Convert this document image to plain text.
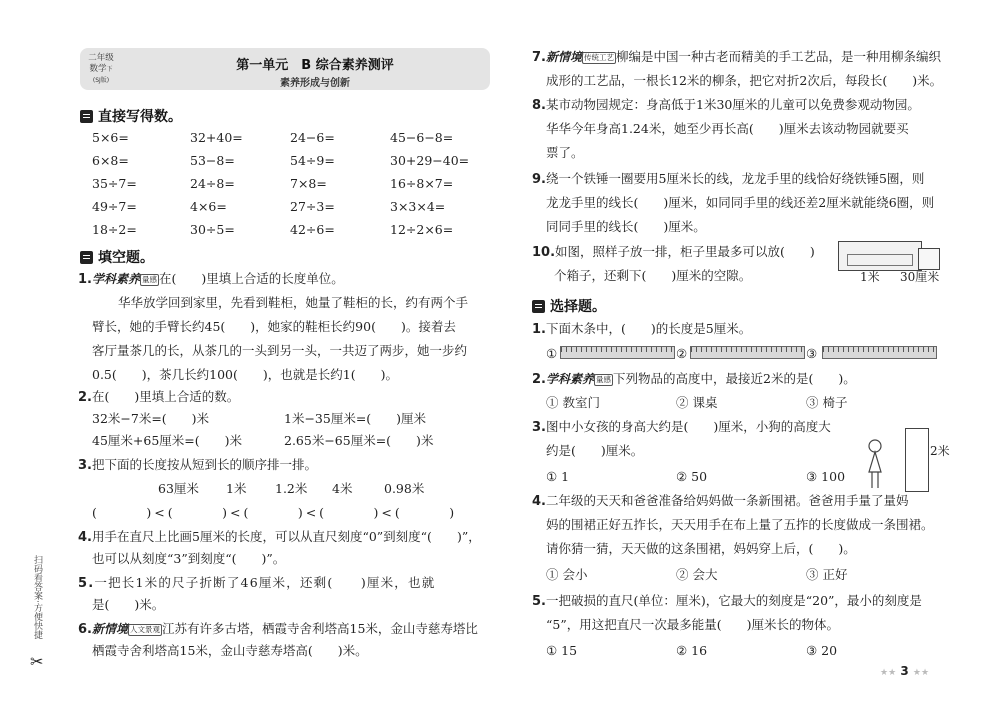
二年级
数学下
(SJ版)
第一单元　B 综合素养测评
素养形成与创新
直接写得数。
5×6=	32+40=	24−6=	45−6−8=
6×8=	53−8=	54÷9=	30+29−40=
35÷7=	24÷8=	7×8=	16÷8×7=
49÷7=	4×6=	27÷3=	3×3×4=
18÷2=	30÷5=	42÷6=	12÷2×6=
填空题。
1.学科素养 量感 在(　　)里填上合适的长度单位。
华华放学回到家里，先看到鞋柜，她量了鞋柜的长，约有两个手
臂长，她的手臂长约45(　　)，她家的鞋柜长约90(　　)。接着去
客厅量茶几的长，从茶几的一头到另一头，一共迈了两步，她一步约
0.5(　　)，茶几长约100(　　)，也就是长约1(　　)。
2.在(　　)里填上合适的数。
32米−7米=(　　)米	1米−35厘米=(　　)厘米
45厘米+65厘米=(　　)米	2.65米−65厘米=(　　)米
3.把下面的长度按从短到长的顺序排一排。
63厘米 1米 1.2米 4米	0.98米
(　　　)<(　　　)<(　　　)<(　　　)<(　　　)
4.用手在直尺上比画5厘米的长度，可以从直尺刻度“0”到刻度“(　　)”，
也可以从刻度“3”到刻度“(　　)”。
5.一把长1米的尺子折断了46厘米，还剩(　　)厘米，也就
是(　　)米。
6.新情境 人文景观 江苏有许多古塔，栖霞寺舍利塔高15米，金山寺慈寿塔比
栖霞寺舍利塔高15米，金山寺慈寿塔高(　　)米。
7.新情境 传统工艺 柳编是中国一种古老而精美的手工艺品，是一种用柳条编织
成形的工艺品，一根长12米的柳条，把它对折2次后，每段长(　　)米。
8.某市动物园规定：身高低于1米30厘米的儿童可以免费参观动物园。
华华今年身高1.24米，她至少再长高(　　)厘米去该动物园就要买
票了。
9.绕一个铁锤一圈要用5厘米长的线，龙龙手里的线恰好绕铁锤5圈，则
龙龙手里的线长(　　)厘米，如同同手里的线还差2厘米就能绕6圈，则
同同手里的线长(　　)厘米。
10.如图，照样子放一排，柜子里最多可以放(　　)
个箱子，还剩下(　　)厘米的空隙。	1米 30厘米
选择题。
1.下面木条中，(　　)的长度是5厘米。
①	②	③
2.学科素养 量感 下列物品的高度中，最接近2米的是(　　)。
① 教室门	② 课桌	③ 椅子
3.图中小女孩的身高大约是(　　)厘米，小狗的高度大
约是(　　)厘米。
① 1	② 50	③ 100
2米
4.二年级的天天和爸爸准备给妈妈做一条新围裙。爸爸用手量了量妈
妈的围裙正好五拃长，天天用手在布上量了五拃的长度做成一条围裙。
请你猜一猜，天天做的这条围裙，妈妈穿上后，(　　)。
① 会小	② 会大	③ 正好
5.一把破损的直尺(单位：厘米)，它最大的刻度是“20”，最小的刻度是
“5”，用这把直尺一次最多能量(　　)厘米长的物体。
① 15	② 16	③ 20
扫码看答案·方便快捷
✂
★★ 3 ★★
